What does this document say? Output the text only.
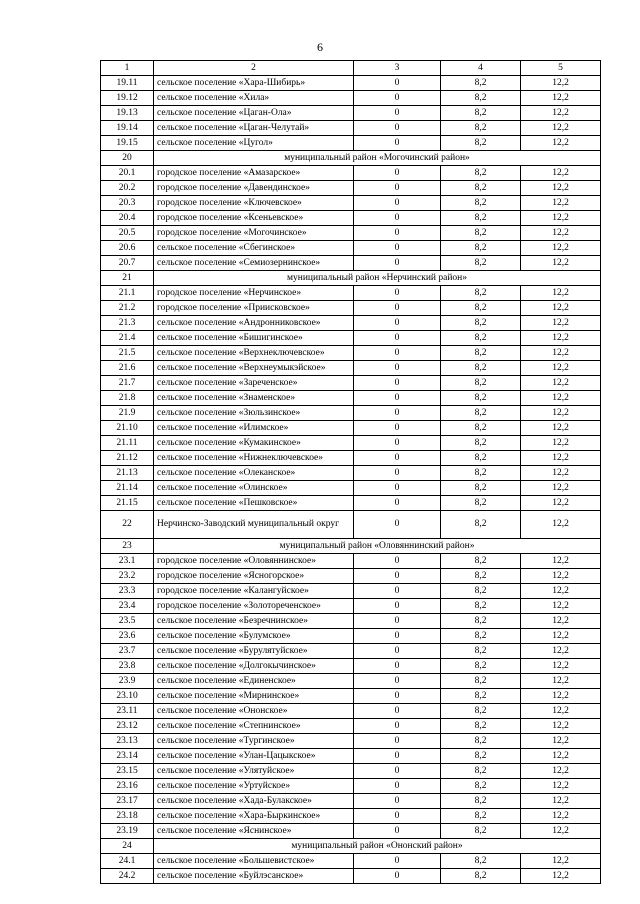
6
1	2	3	4	5
19.11	сельское поселение «Хара-Шибирь»	0	8,2	12,2
19.12	сельское поселение «Хила»	0	8,2	12,2
19.13	сельское поселение «Цаган-Ола»	0	8,2	12,2
19.14	сельское поселение «Цаган-Челутай»	0	8,2	12,2
19.15	сельское поселение «Цугол»	0	8,2	12,2
20	муниципальный район «Могочинский район»			
20.1	городское поселение «Амазарское»	0	8,2	12,2
20.2	городское поселение «Давендинское»	0	8,2	12,2
20.3	городское поселение «Ключевское»	0	8,2	12,2
20.4	городское поселение «Ксеньевское»	0	8,2	12,2
20.5	городское поселение «Могочинское»	0	8,2	12,2
20.6	сельское поселение «Сбегинское»	0	8,2	12,2
20.7	сельское поселение «Семиозернинское»	0	8,2	12,2
21	муниципальный район «Нерчинский район»			
21.1	городское поселение «Нерчинское»	0	8,2	12,2
21.2	городское поселение «Приисковское»	0	8,2	12,2
21.3	сельское поселение «Андронниковское»	0	8,2	12,2
21.4	сельское поселение «Бишигинское»	0	8,2	12,2
21.5	сельское поселение «Верхнеключевское»	0	8,2	12,2
21.6	сельское поселение «Верхнеумыкэйское»	0	8,2	12,2
21.7	сельское поселение «Зареченское»	0	8,2	12,2
21.8	сельское поселение «Знаменское»	0	8,2	12,2
21.9	сельское поселение «Зюльзинское»	0	8,2	12,2
21.10	сельское поселение «Илимское»	0	8,2	12,2
21.11	сельское поселение «Кумакинское»	0	8,2	12,2
21.12	сельское поселение «Нижнеключевское»	0	8,2	12,2
21.13	сельское поселение «Олеканское»	0	8,2	12,2
21.14	сельское поселение «Олинское»	0	8,2	12,2
21.15	сельское поселение «Пешковское»	0	8,2	12,2
22	Нерчинско-Заводский муниципальный округ	0	8,2	12,2
23	муниципальный район «Оловяннинский район»			
23.1	городское поселение «Оловяннинское»	0	8,2	12,2
23.2	городское поселение «Ясногорское»	0	8,2	12,2
23.3	городское поселение «Калангуйское»	0	8,2	12,2
23.4	городское поселение «Золотореченское»	0	8,2	12,2
23.5	сельское поселение «Безречнинское»	0	8,2	12,2
23.6	сельское поселение «Булумское»	0	8,2	12,2
23.7	сельское поселение «Бурулятуйское»	0	8,2	12,2
23.8	сельское поселение «Долгокычинское»	0	8,2	12,2
23.9	сельское поселение «Единенское»	0	8,2	12,2
23.10	сельское поселение «Мирнинское»	0	8,2	12,2
23.11	сельское поселение «Ононское»	0	8,2	12,2
23.12	сельское поселение «Степнинское»	0	8,2	12,2
23.13	сельское поселение «Тургинское»	0	8,2	12,2
23.14	сельское поселение «Улан-Цацыкское»	0	8,2	12,2
23.15	сельское поселение «Улятуйское»	0	8,2	12,2
23.16	сельское поселение «Уртуйское»	0	8,2	12,2
23.17	сельское поселение «Хада-Булакское»	0	8,2	12,2
23.18	сельское поселение «Хара-Быркинское»	0	8,2	12,2
23.19	сельское поселение «Яснинское»	0	8,2	12,2
24	муниципальный район «Ононский район»			
24.1	сельское поселение «Большевистское»	0	8,2	12,2
24.2	сельское поселение «Буйлэсанское»	0	8,2	12,2
